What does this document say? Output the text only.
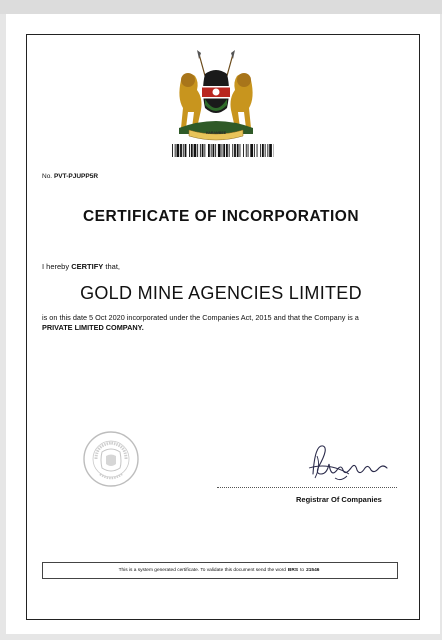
HARAMBEE
No. PVT-PJUPP5R
CERTIFICATE OF INCORPORATION
I hereby CERTIFY that,
GOLD MINE AGENCIES LIMITED
is on this date 5 Oct 2020 incorporated under the Companies Act, 2015 and that the Company is a
PRIVATE LIMITED COMPANY.
Registrar Of Companies
This is a system generated certificate. To validate this document send the word BRS to 21546
